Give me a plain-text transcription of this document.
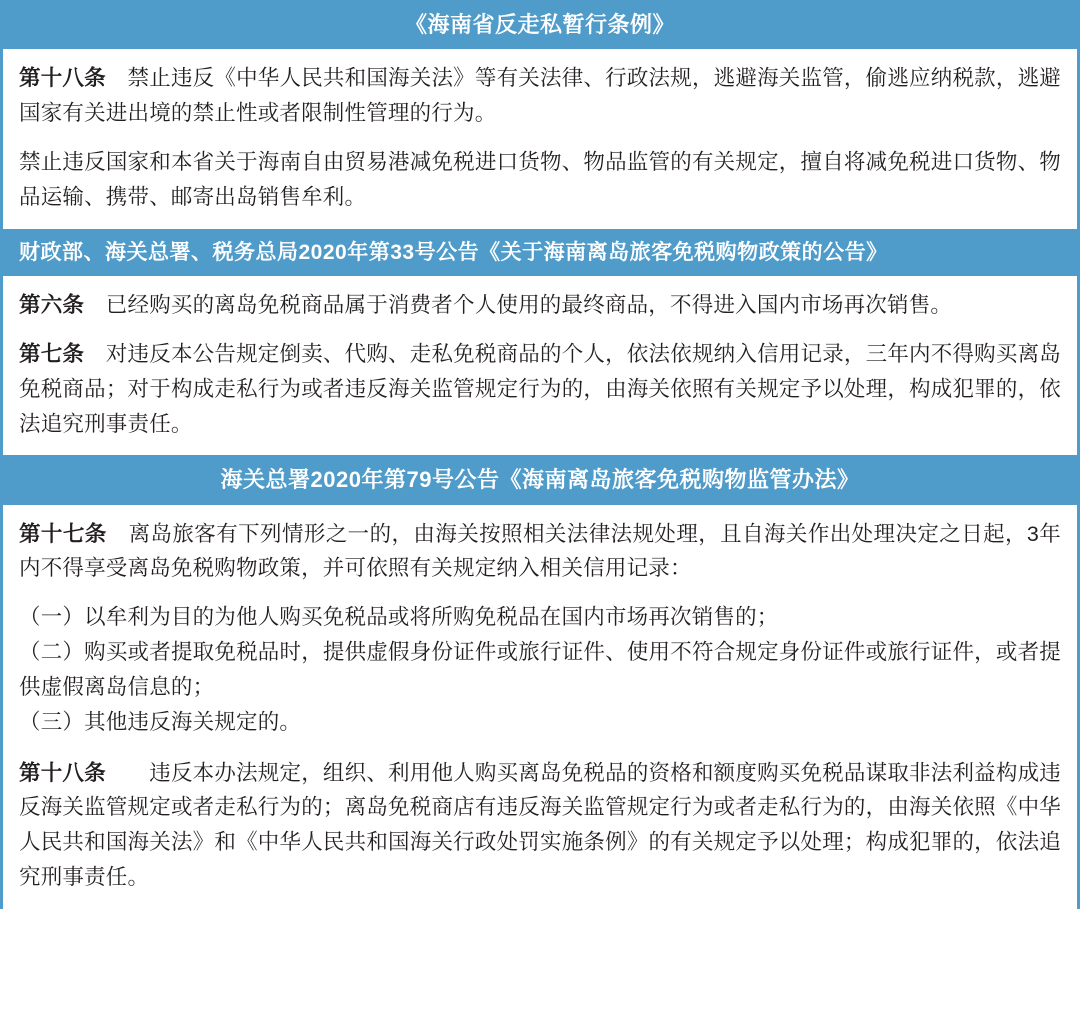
《海南省反走私暂行条例》

第十八条　禁止违反《中华人民共和国海关法》等有关法律、行政法规，逃避海关监管，偷逃应纳税款，逃避国家有关进出境的禁止性或者限制性管理的行为。

禁止违反国家和本省关于海南自由贸易港减免税进口货物、物品监管的有关规定，擅自将减免税进口货物、物品运输、携带、邮寄出岛销售牟利。

财政部、海关总署、税务总局2020年第33号公告《关于海南离岛旅客免税购物政策的公告》

第六条　已经购买的离岛免税商品属于消费者个人使用的最终商品，不得进入国内市场再次销售。

第七条　对违反本公告规定倒卖、代购、走私免税商品的个人，依法依规纳入信用记录，三年内不得购买离岛免税商品；对于构成走私行为或者违反海关监管规定行为的，由海关依照有关规定予以处理，构成犯罪的，依法追究刑事责任。

海关总署2020年第79号公告《海南离岛旅客免税购物监管办法》

第十七条　离岛旅客有下列情形之一的，由海关按照相关法律法规处理，且自海关作出处理决定之日起，3年内不得享受离岛免税购物政策，并可依照有关规定纳入相关信用记录：

（一）以牟利为目的为他人购买免税品或将所购免税品在国内市场再次销售的；

（二）购买或者提取免税品时，提供虚假身份证件或旅行证件、使用不符合规定身份证件或旅行证件，或者提供虚假离岛信息的；

（三）其他违反海关规定的。

第十八条　　违反本办法规定，组织、利用他人购买离岛免税品的资格和额度购买免税品谋取非法利益构成违反海关监管规定或者走私行为的；离岛免税商店有违反海关监管规定行为或者走私行为的，由海关依照《中华人民共和国海关法》和《中华人民共和国海关行政处罚实施条例》的有关规定予以处理；构成犯罪的，依法追究刑事责任。
